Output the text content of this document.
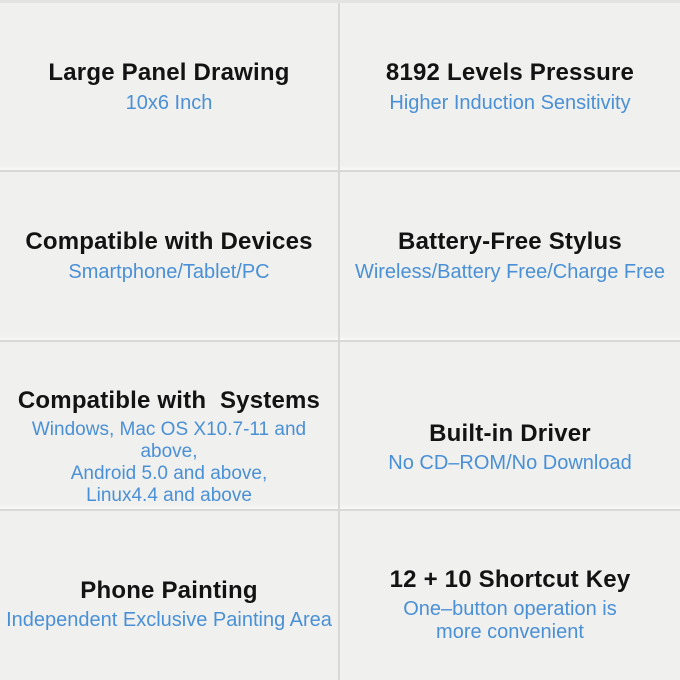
Large Panel Drawing
10x6 Inch
8192 Levels Pressure
Higher Induction Sensitivity
Compatible with Devices
Smartphone/Tablet/PC
Battery-Free Stylus
Wireless/Battery Free/Charge Free
Compatible with  Systems
Windows, Mac OS X10.7-11 and above,
Android 5.0 and above,
Linux4.4 and above
Built-in Driver
No CD–ROM/No Download
Phone Painting
Independent Exclusive Painting Area
12 + 10 Shortcut Key
One–button operation is
more convenient
